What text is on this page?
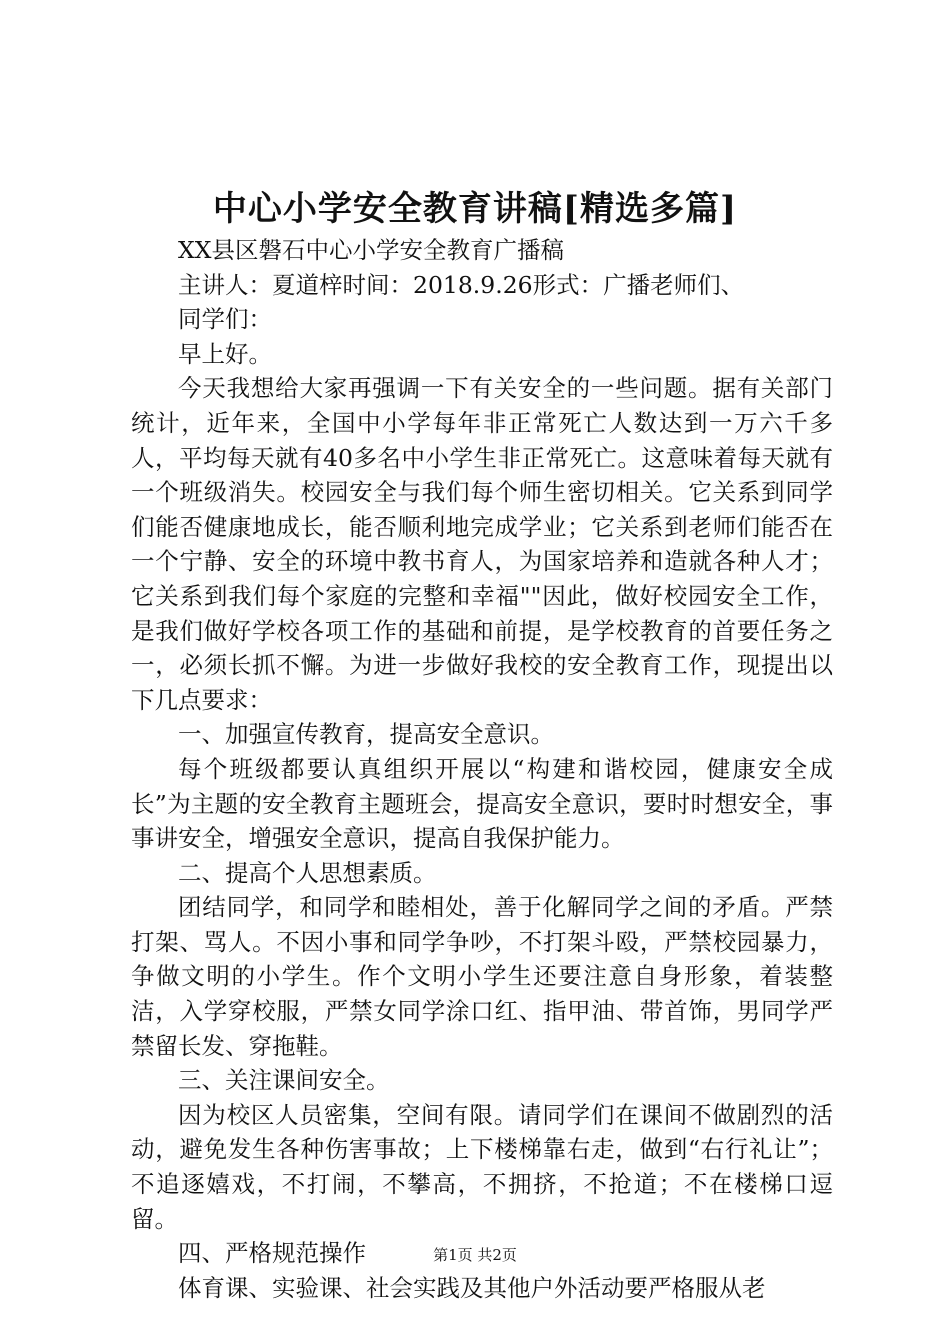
中心小学安全教育讲稿[精选多篇]

XX县区磐石中心小学安全教育广播稿

主讲人：夏道梓时间：2018.9.26形式：广播老师们、

同学们：

早上好。

今天我想给大家再强调一下有关安全的一些问题。据有关部门统计，近年来，全国中小学每年非正常死亡人数达到一万六千多人，平均每天就有40多名中小学生非正常死亡。这意味着每天就有一个班级消失。校园安全与我们每个师生密切相关。它关系到同学们能否健康地成长，能否顺利地完成学业；它关系到老师们能否在一个宁静、安全的环境中教书育人，为国家培养和造就各种人才；它关系到我们每个家庭的完整和幸福""因此，做好校园安全工作，是我们做好学校各项工作的基础和前提，是学校教育的首要任务之一，必须长抓不懈。为进一步做好我校的安全教育工作，现提出以下几点要求：

一、加强宣传教育，提高安全意识。

每个班级都要认真组织开展以“构建和谐校园，健康安全成长”为主题的安全教育主题班会，提高安全意识，要时时想安全，事事讲安全，增强安全意识，提高自我保护能力。

二、提高个人思想素质。

团结同学，和同学和睦相处，善于化解同学之间的矛盾。严禁打架、骂人。不因小事和同学争吵，不打架斗殴，严禁校园暴力，争做文明的小学生。作个文明小学生还要注意自身形象，着装整洁，入学穿校服，严禁女同学涂口红、指甲油、带首饰，男同学严禁留长发、穿拖鞋。

三、关注课间安全。

因为校区人员密集，空间有限。请同学们在课间不做剧烈的活动，避免发生各种伤害事故；上下楼梯靠右走，做到“右行礼让”；不追逐嬉戏，不打闹，不攀高，不拥挤，不抢道；不在楼梯口逗留。

四、严格规范操作

体育课、实验课、社会实践及其他户外活动要严格服从老

第1页 共2页
